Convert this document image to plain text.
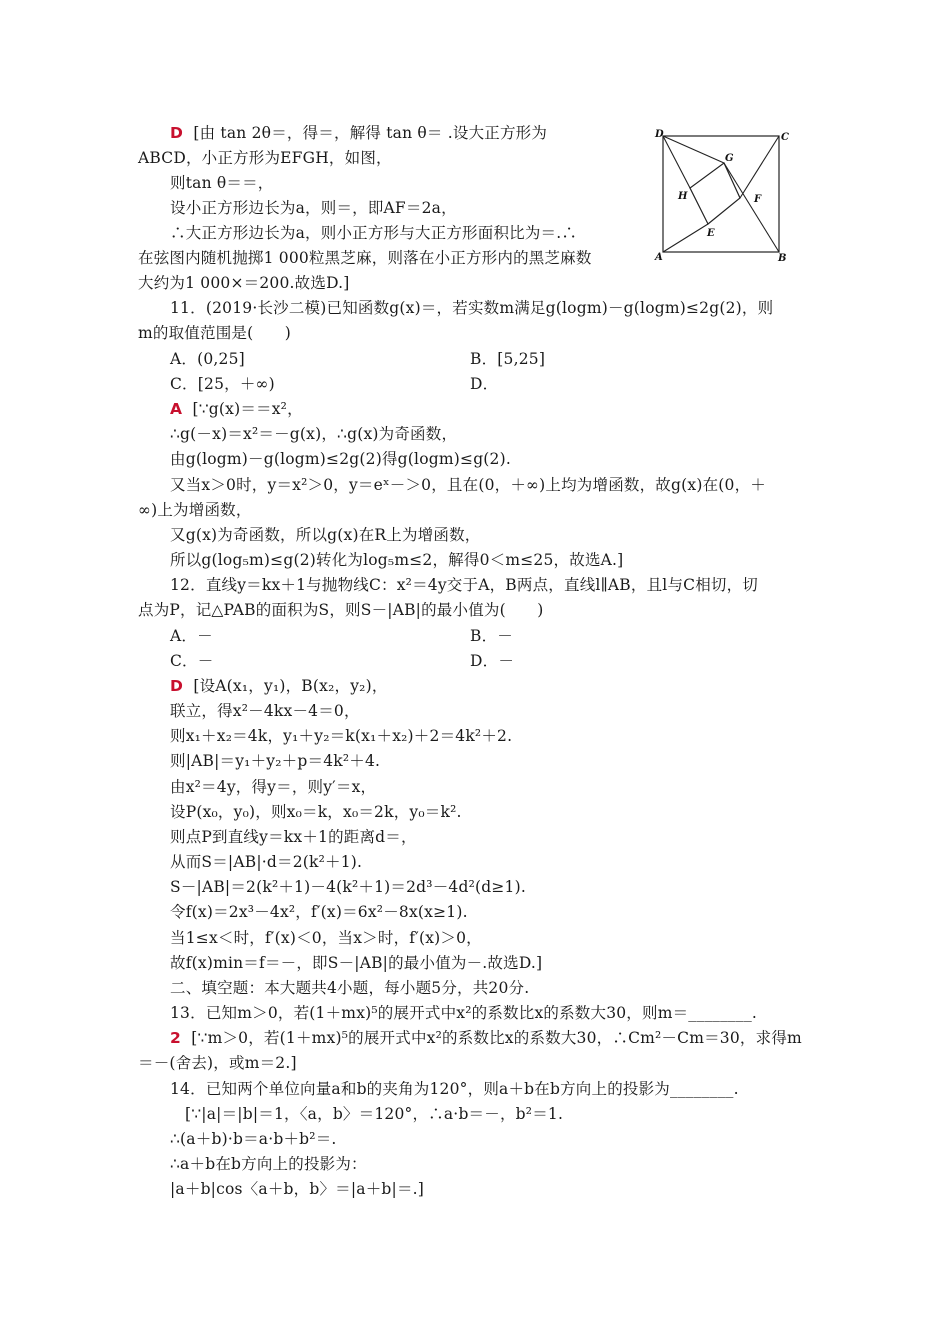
D	C
A	B
E
F
G
H
D [由 tan 2θ＝，得＝，解得 tan θ＝ .设大正方形为
ABCD，小正方形为EFGH，如图，
则tan θ＝＝，
设小正方形边长为a，则＝，即AF＝2a，
∴大正方形边长为a，则小正方形与大正方形面积比为＝.∴
在弦图内随机抛掷1 000粒黑芝麻，则落在小正方形内的黑芝麻数
大约为1 000×＝200.故选D.]
11．(2019·长沙二模)已知函数g(x)＝，若实数m满足g(logm)－g(logm)≤2g(2)，则
m的取值范围是(　　)
A．(0,25]	B．[5,25]
C．[25，＋∞)	D．
A [∵g(x)＝＝x²，
∴g(－x)＝x²＝－g(x)，∴g(x)为奇函数，
由g(logm)－g(logm)≤2g(2)得g(logm)≤g(2).
又当x＞0时，y＝x²＞0，y＝eˣ－＞0，且在(0，＋∞)上均为增函数，故g(x)在(0，＋
∞)上为增函数，
又g(x)为奇函数，所以g(x)在R上为增函数，
所以g(log₅m)≤g(2)转化为log₅m≤2，解得0＜m≤25，故选A.]
12．直线y＝kx＋1与抛物线C：x²＝4y交于A，B两点，直线l∥AB，且l与C相切，切
点为P，记△PAB的面积为S，则S－|AB|的最小值为(　　)
A．－	B．－
C．－	D．－
D [设A(x₁，y₁)，B(x₂，y₂)，
联立，得x²－4kx－4＝0，
则x₁＋x₂＝4k，y₁＋y₂＝k(x₁＋x₂)＋2＝4k²＋2.
则|AB|＝y₁＋y₂＋p＝4k²＋4.
由x²＝4y，得y＝，则y′＝x，
设P(x₀，y₀)，则x₀＝k，x₀＝2k，y₀＝k².
则点P到直线y＝kx＋1的距离d＝，
从而S＝|AB|·d＝2(k²＋1).
S－|AB|＝2(k²＋1)－4(k²＋1)＝2d³－4d²(d≥1).
令f(x)＝2x³－4x²，f′(x)＝6x²－8x(x≥1).
当1≤x＜时，f′(x)＜0，当x＞时，f′(x)＞0，
故f(x)min＝f＝－，即S－|AB|的最小值为－.故选D.]
二、填空题：本大题共4小题，每小题5分，共20分.
13．已知m＞0，若(1＋mx)⁵的展开式中x²的系数比x的系数大30，则m＝________.
2 [∵m＞0，若(1＋mx)⁵的展开式中x²的系数比x的系数大30，∴Cm²－Cm＝30，求得m
＝－(舍去)，或m＝2.]
14．已知两个单位向量a和b的夹角为120°，则a＋b在b方向上的投影为________.
[∵|a|＝|b|＝1，〈a，b〉＝120°，∴a·b＝－，b²＝1.
∴(a＋b)·b＝a·b＋b²＝.
∴a＋b在b方向上的投影为：
|a＋b|cos〈a＋b，b〉＝|a＋b|＝.]
